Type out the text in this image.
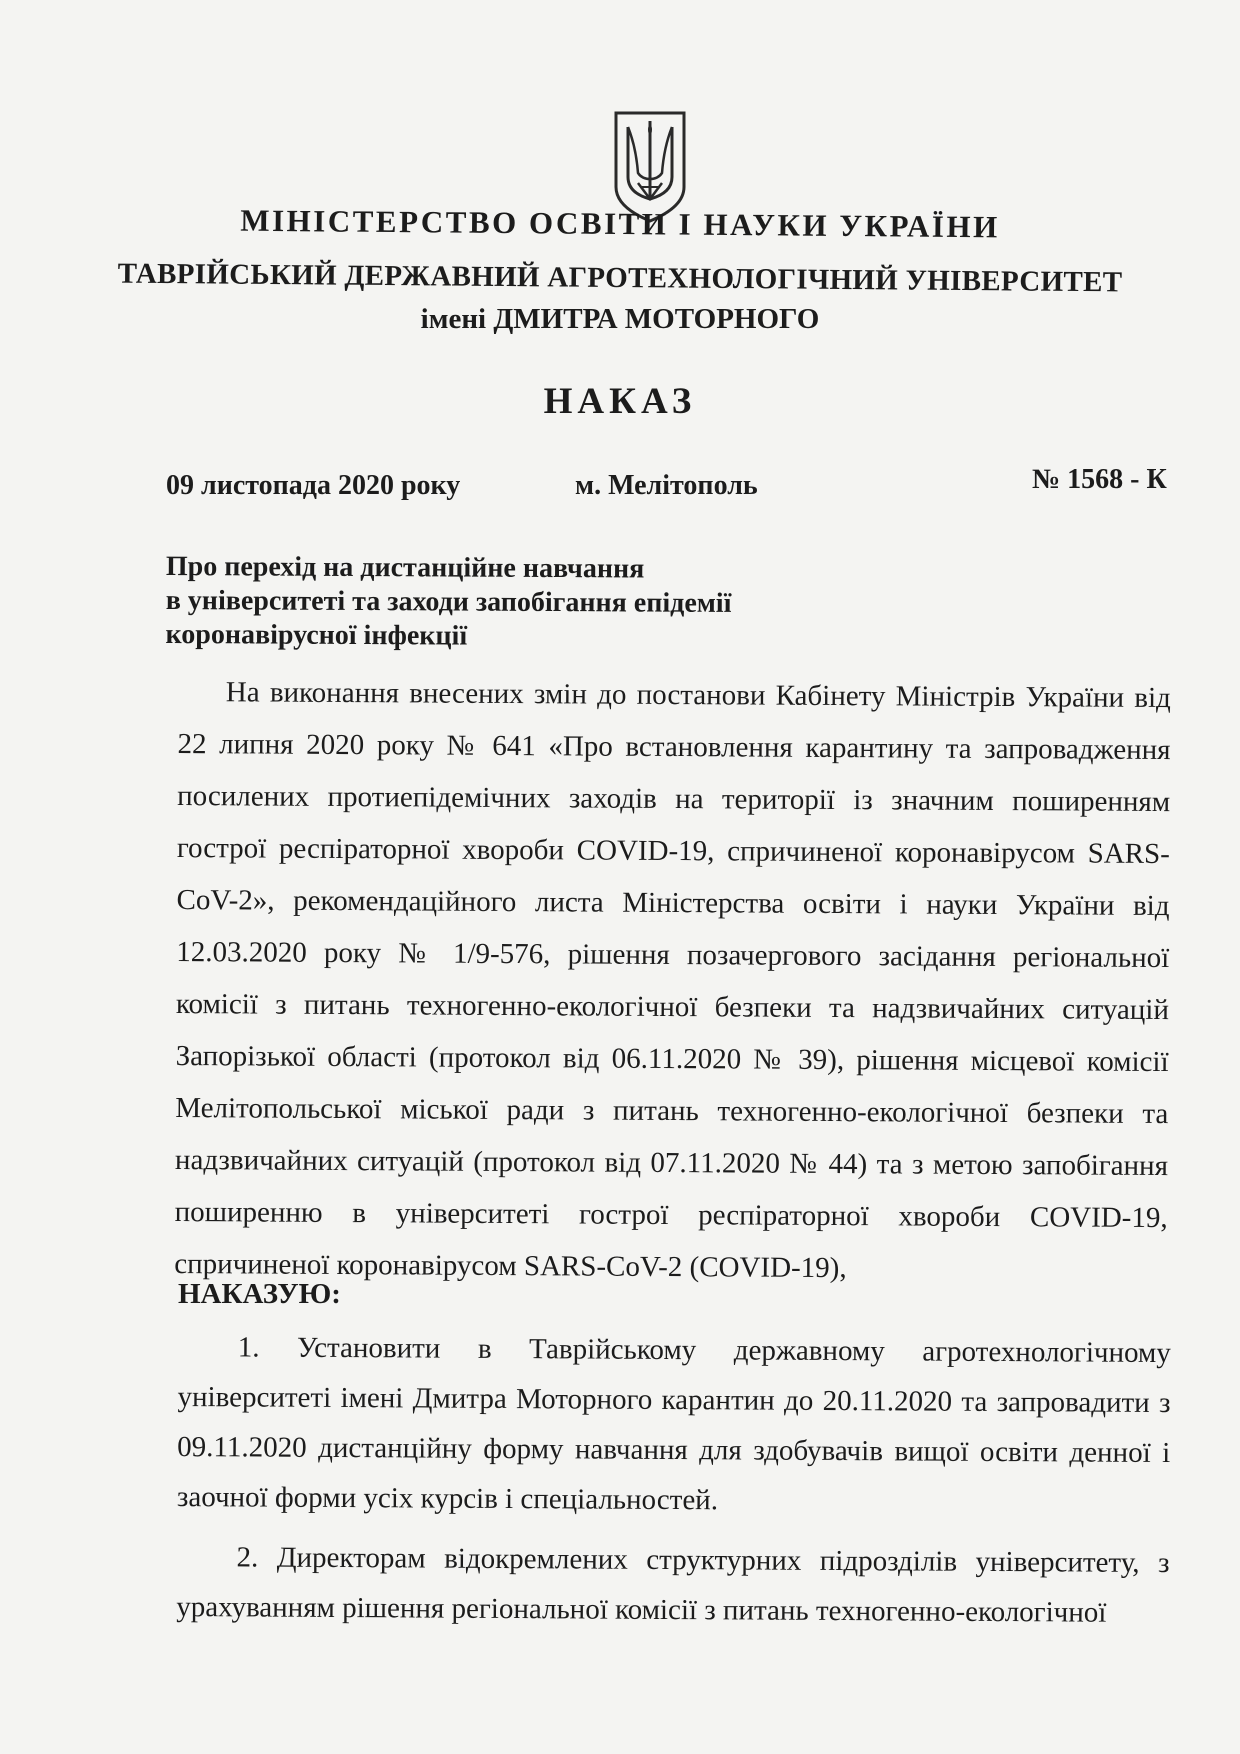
МІНІСТЕРСТВО ОСВІТИ І НАУКИ УКРАЇНИ
ТАВРІЙСЬКИЙ ДЕРЖАВНИЙ АГРОТЕХНОЛОГІЧНИЙ УНІВЕРСИТЕТ
імені ДМИТРА МОТОРНОГО
НАКАЗ
09 листопада 2020 року	м. Мелітополь	№ 1568 - К
Про перехід на дистанційне навчання
в університеті та заходи запобігання епідемії
коронавірусної інфекції

На виконання внесених змін до постанови Кабінету Міністрів України від 22 липня 2020 року № 641 «Про встановлення карантину та запровадження посилених протиепідемічних заходів на території із значним поширенням гострої респіраторної хвороби COVID-19, спричиненої коронавірусом SARS-CoV-2», рекомендаційного листа Міністерства освіти і науки України від 12.03.2020 року № 1/9-576, рішення позачергового засідання регіональної комісії з питань техногенно-екологічної безпеки та надзвичайних ситуацій Запорізької області (протокол від 06.11.2020 № 39), рішення місцевої комісії Мелітопольської міської ради з питань техногенно-екологічної безпеки та надзвичайних ситуацій (протокол від 07.11.2020 № 44) та з метою запобігання поширенню в університеті гострої респіраторної хвороби COVID-19, спричиненої коронавірусом SARS-CoV-2 (COVID-19),

НАКАЗУЮ:

1. Установити в Таврійському державному агротехнологічному університеті імені Дмитра Моторного карантин до 20.11.2020 та запровадити з 09.11.2020 дистанційну форму навчання для здобувачів вищої освіти денної і заочної форми усіх курсів і спеціальностей.

2. Директорам відокремлених структурних підрозділів університету, з урахуванням рішення регіональної комісії з питань техногенно-екологічної
